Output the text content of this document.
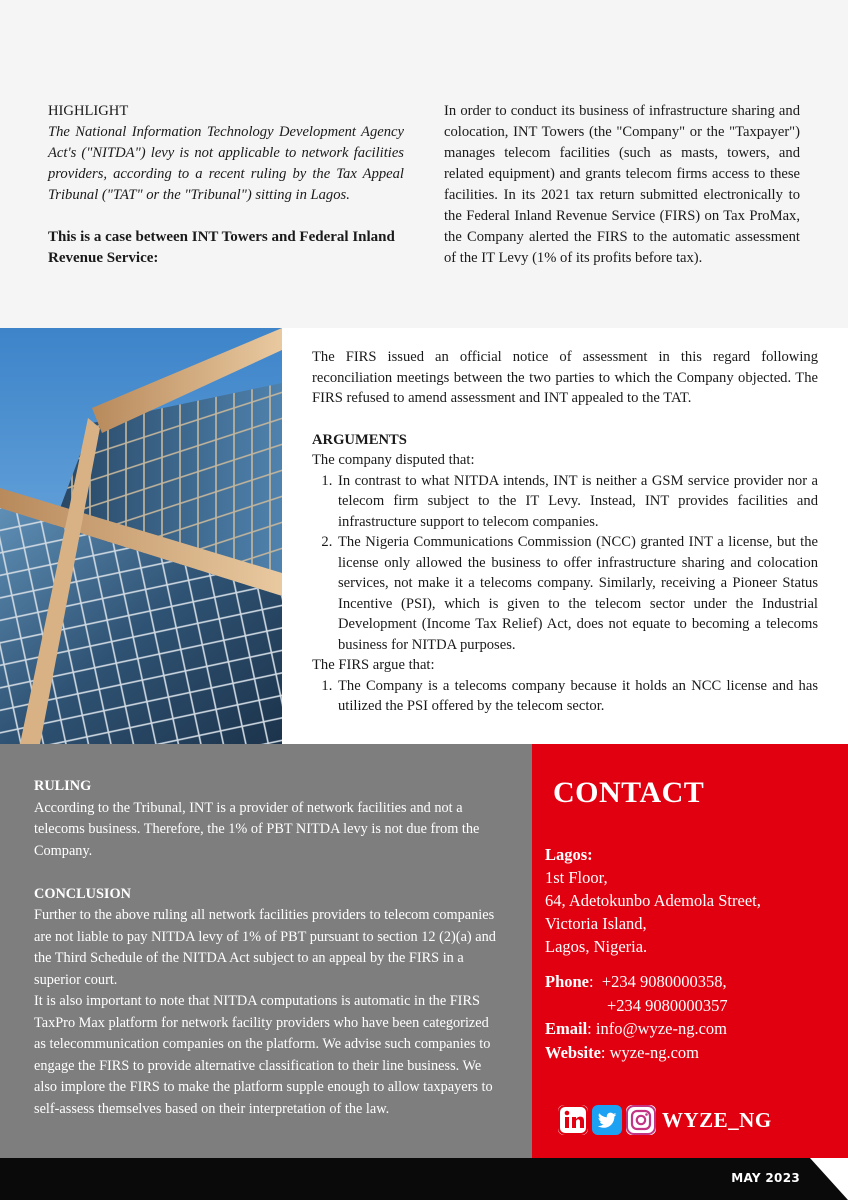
HIGHLIGHT

The National Information Technology Development Agency Act's ("NITDA") levy is not applicable to network facilities providers, according to a recent ruling by the Tax Appeal Tribunal ("TAT" or the "Tribunal") sitting in Lagos.

This is a case between INT Towers and Federal Inland Revenue Service:

In order to conduct its business of infrastructure sharing and colocation, INT Towers (the "Company" or the "Taxpayer") manages telecom facilities (such as masts, towers, and related equipment) and grants telecom firms access to these facilities. In its 2021 tax return submitted electronically to the Federal Inland Revenue Service (FIRS) on Tax ProMax, the Company alerted the FIRS to the automatic assessment of the IT Levy (1% of its profits before tax).

The FIRS issued an official notice of assessment in this regard following reconciliation meetings between the two parties to which the Company objected. The FIRS refused to amend assessment and INT appealed to the TAT.

ARGUMENTS

The company disputed that:

1. In contrast to what NITDA intends, INT is neither a GSM service provider nor a telecom firm subject to the IT Levy. Instead, INT provides facilities and infrastructure support to telecom companies.
2. The Nigeria Communications Commission (NCC) granted INT a license, but the license only allowed the business to offer infrastructure sharing and colocation services, not make it a telecoms company. Similarly, receiving a Pioneer Status Incentive (PSI), which is given to the telecom sector under the Industrial Development (Income Tax Relief) Act, does not equate to becoming a telecoms business for NITDA purposes.

The FIRS argue that:

1. The Company is a telecoms company because it holds an NCC license and has utilized the PSI offered by the telecom sector.

RULING

According to the Tribunal, INT is a provider of network facilities and not a telecoms business. Therefore, the 1% of PBT NITDA levy is not due from the Company.

CONCLUSION

Further to the above ruling all network facilities providers to telecom companies are not liable to pay NITDA levy of 1% of PBT pursuant to section 12 (2)(a) and the Third Schedule of the NITDA Act subject to an appeal by the FIRS in a superior court.

It is also important to note that NITDA computations is automatic in the FIRS TaxPro Max platform for network facility providers who have been categorized as telecommunication companies on the platform. We advise such companies to engage the FIRS to provide alternative classification to their line business. We also implore the FIRS to make the platform supple enough to allow taxpayers to self-assess themselves based on their interpretation of the law.

CONTACT

Lagos:

1st Floor,

64, Adetokunbo Ademola Street,

Victoria Island,

Lagos, Nigeria.

Phone: +234 9080000358,

+234 9080000357

Email: info@wyze-ng.com

Website: wyze-ng.com

WYZE_NG
MAY 2023
